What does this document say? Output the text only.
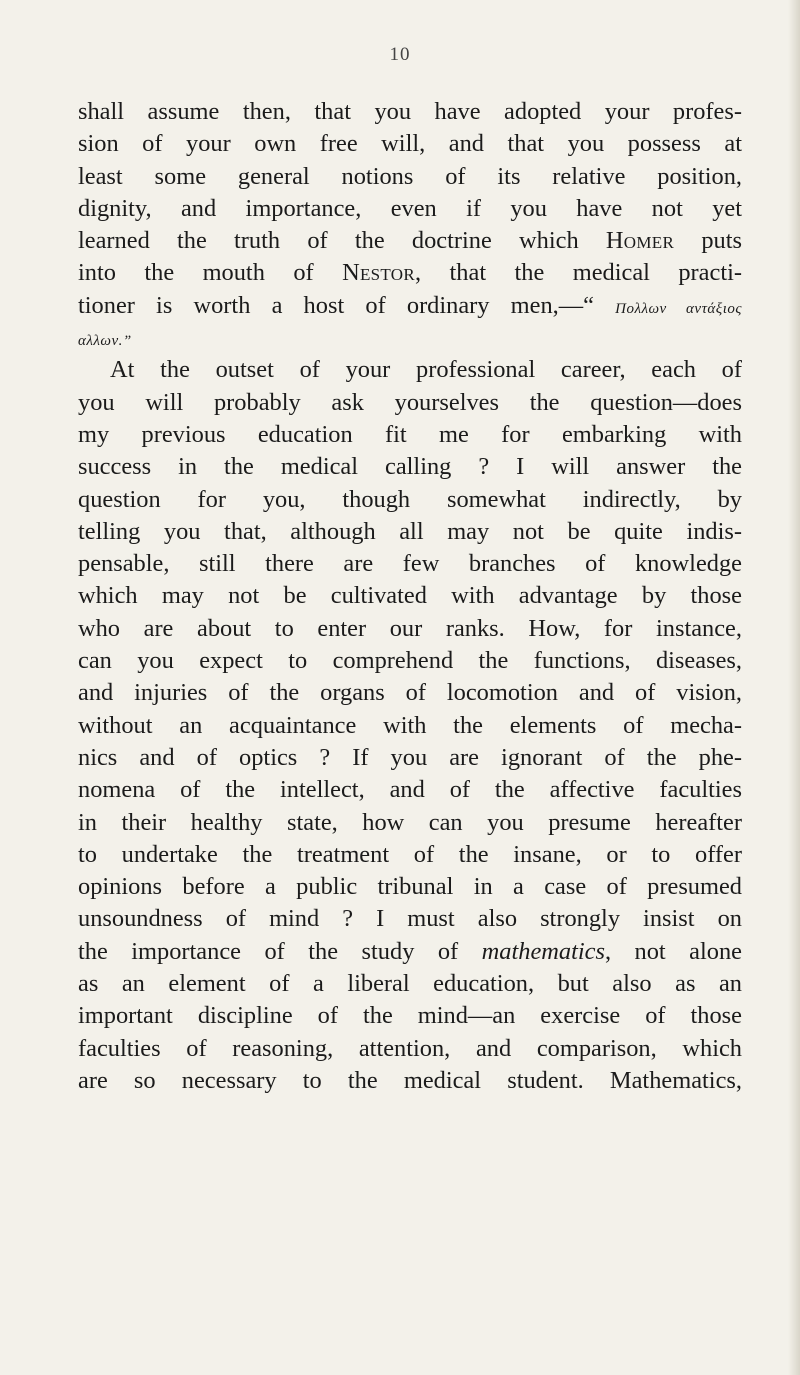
10
shall assume then, that you have adopted your profes-
sion of your own free will, and that you possess at
least some general notions of its relative position,
dignity, and importance, even if you have not yet
learned the truth of the doctrine which Homer puts
into the mouth of Nestor, that the medical practi-
tioner is worth a host of ordinary men,—“ Πολλων αντάξιος
αλλων.”
At the outset of your professional career, each of
you will probably ask yourselves the question—does
my previous education fit me for embarking with
success in the medical calling ? I will answer the
question for you, though somewhat indirectly, by
telling you that, although all may not be quite indis-
pensable, still there are few branches of knowledge
which may not be cultivated with advantage by those
who are about to enter our ranks. How, for instance,
can you expect to comprehend the functions, diseases,
and injuries of the organs of locomotion and of vision,
without an acquaintance with the elements of mecha-
nics and of optics ? If you are ignorant of the phe-
nomena of the intellect, and of the affective faculties
in their healthy state, how can you presume hereafter
to undertake the treatment of the insane, or to offer
opinions before a public tribunal in a case of presumed
unsoundness of mind ? I must also strongly insist on
the importance of the study of mathematics, not alone
as an element of a liberal education, but also as an
important discipline of the mind—an exercise of those
faculties of reasoning, attention, and comparison, which
are so necessary to the medical student. Mathematics,
